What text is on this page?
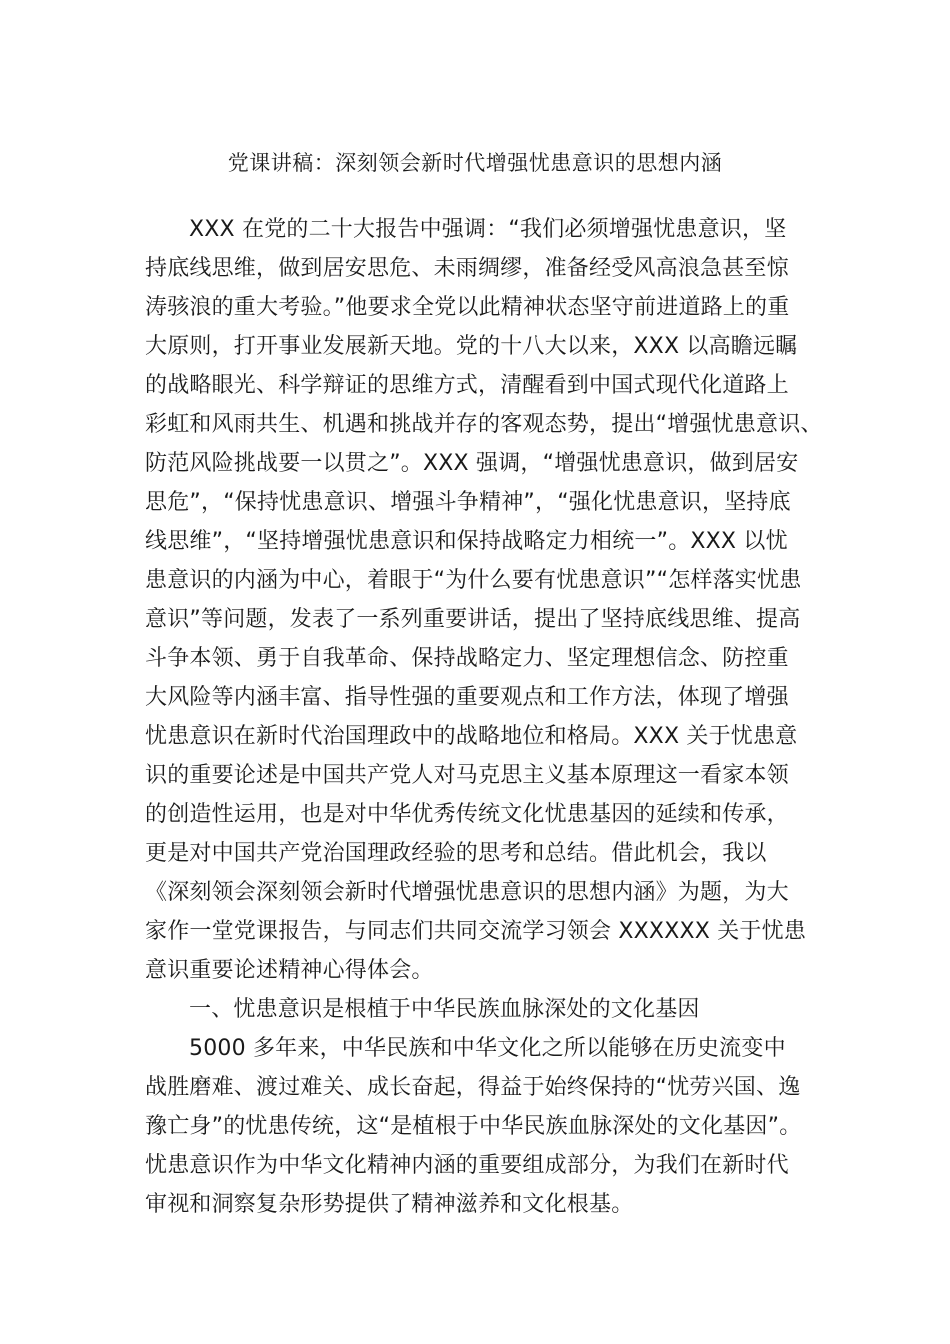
党课讲稿：深刻领会新时代增强忧患意识的思想内涵
XXX 在党的二十大报告中强调：“我们必须增强忧患意识，坚
持底线思维，做到居安思危、未雨绸缪，准备经受风高浪急甚至惊
涛骇浪的重大考验。”他要求全党以此精神状态坚守前进道路上的重
大原则，打开事业发展新天地。党的十八大以来，XXX 以高瞻远瞩
的战略眼光、科学辩证的思维方式，清醒看到中国式现代化道路上
彩虹和风雨共生、机遇和挑战并存的客观态势，提出“增强忧患意识、
防范风险挑战要一以贯之”。XXX 强调，“增强忧患意识，做到居安
思危”，“保持忧患意识、增强斗争精神”，“强化忧患意识，坚持底
线思维”，“坚持增强忧患意识和保持战略定力相统一”。XXX 以忧
患意识的内涵为中心，着眼于“为什么要有忧患意识”“怎样落实忧患
意识”等问题，发表了一系列重要讲话，提出了坚持底线思维、提高
斗争本领、勇于自我革命、保持战略定力、坚定理想信念、防控重
大风险等内涵丰富、指导性强的重要观点和工作方法，体现了增强
忧患意识在新时代治国理政中的战略地位和格局。XXX 关于忧患意
识的重要论述是中国共产党人对马克思主义基本原理这一看家本领
的创造性运用，也是对中华优秀传统文化忧患基因的延续和传承，
更是对中国共产党治国理政经验的思考和总结。借此机会，我以
《深刻领会深刻领会新时代增强忧患意识的思想内涵》为题，为大
家作一堂党课报告，与同志们共同交流学习领会 XXXXXX 关于忧患
意识重要论述精神心得体会。
一、忧患意识是根植于中华民族血脉深处的文化基因
5000 多年来，中华民族和中华文化之所以能够在历史流变中
战胜磨难、渡过难关、成长奋起，得益于始终保持的“忧劳兴国、逸
豫亡身”的忧患传统，这“是植根于中华民族血脉深处的文化基因”。
忧患意识作为中华文化精神内涵的重要组成部分，为我们在新时代
审视和洞察复杂形势提供了精神滋养和文化根基。
